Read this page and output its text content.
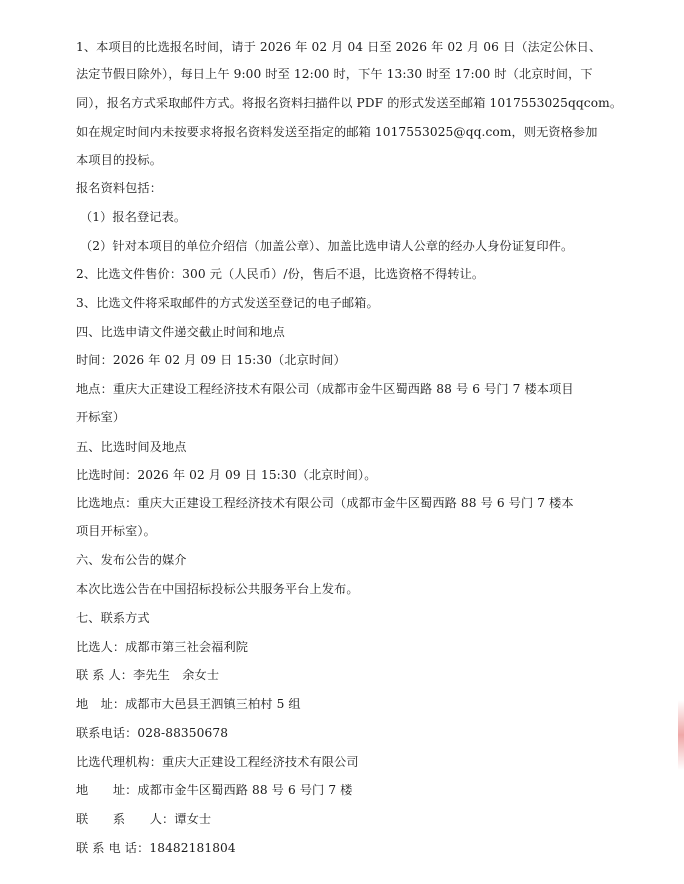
1、本项目的比选报名时间，请于 2026 年 02 月 04 日至 2026 年 02 月 06 日（法定公休日、
法定节假日除外），每日上午 9:00 时至 12:00 时，下午 13:30 时至 17:00 时（北京时间，下
同），报名方式采取邮件方式。将报名资料扫描件以 PDF 的形式发送至邮箱 1017553025qqcom。
如在规定时间内未按要求将报名资料发送至指定的邮箱 1017553025@qq.com，则无资格参加
本项目的投标。
报名资料包括：
（1）报名登记表。
（2）针对本项目的单位介绍信（加盖公章）、加盖比选申请人公章的经办人身份证复印件。
2、比选文件售价：300 元（人民币）/份，售后不退，比选资格不得转让。
3、比选文件将采取邮件的方式发送至登记的电子邮箱。
四、比选申请文件递交截止时间和地点
时间：2026 年 02 月 09 日 15:30（北京时间）
地点：重庆大正建设工程经济技术有限公司（成都市金牛区蜀西路 88 号 6 号门 7 楼本项目
开标室）
五、比选时间及地点
比选时间：2026 年 02 月 09 日 15:30（北京时间）。
比选地点：重庆大正建设工程经济技术有限公司（成都市金牛区蜀西路 88 号 6 号门 7 楼本
项目开标室）。
六、发布公告的媒介
本次比选公告在中国招标投标公共服务平台上发布。
七、联系方式
比选人：成都市第三社会福利院
联 系 人：李先生　余女士
地　址：成都市大邑县王泗镇三柏村 5 组
联系电话：028-88350678
比选代理机构：重庆大正建设工程经济技术有限公司
地　　址：成都市金牛区蜀西路 88 号 6 号门 7 楼
联　　系　　人：谭女士
联 系 电 话：18482181804
